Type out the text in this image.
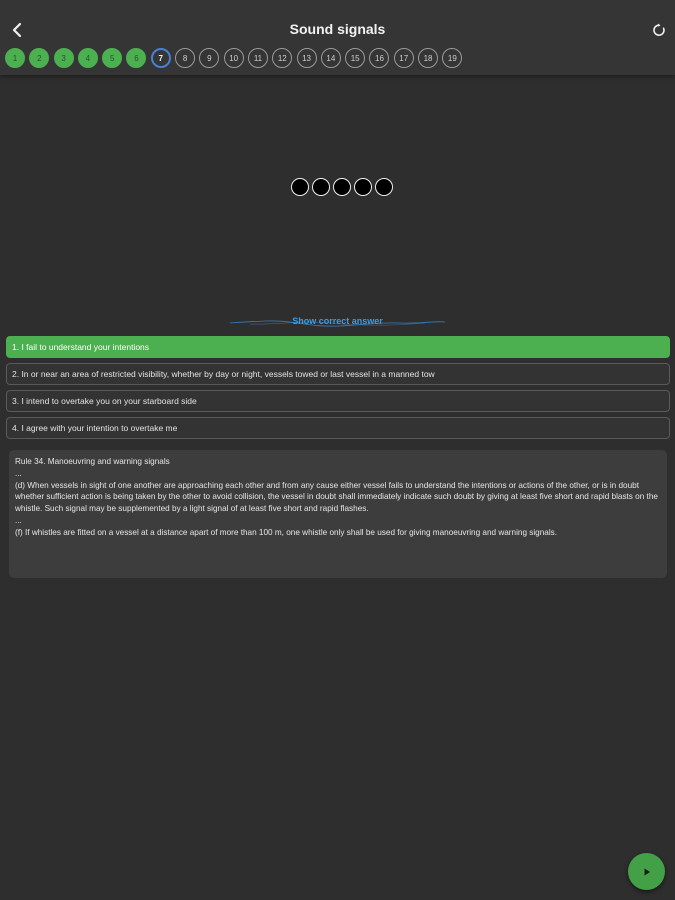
Sound signals
1	2	3	4	5	6	7	8	9	10	11	12	13	14	15	16	17	18	19
Show correct answer
1. I fail to understand your intentions
2. In or near an area of restricted visibility, whether by day or night, vessels towed or last vessel in a manned tow
3. I intend to overtake you on your starboard side
4. I agree with your intention to overtake me

Rule 34. Manoeuvring and warning signals

...

(d) When vessels in sight of one another are approaching each other and from any cause either vessel fails to understand the intentions or actions of the other, or is in doubt whether sufficient action is being taken by the other to avoid collision, the vessel in doubt shall immediately indicate such doubt by giving at least five short and rapid blasts on the whistle. Such signal may be supplemented by a light signal of at least five short and rapid flashes.

...

(f) If whistles are fitted on a vessel at a distance apart of more than 100 m, one whistle only shall be used for giving manoeuvring and warning signals.
